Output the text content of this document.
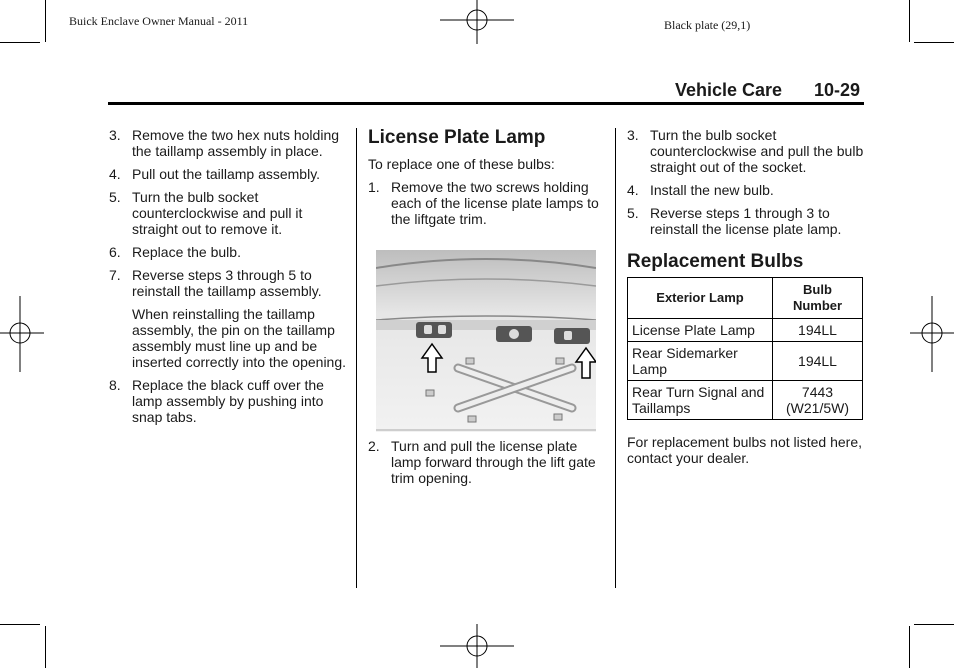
Buick Enclave Owner Manual - 2011	Black plate (29,1)
Vehicle Care 10-29
3. Remove the two hex nuts holding the taillamp assembly in place.
4. Pull out the taillamp assembly.
5. Turn the bulb socket counterclockwise and pull it straight out to remove it.
6. Replace the bulb.
7. Reverse steps 3 through 5 to reinstall the taillamp assembly.
When reinstalling the taillamp assembly, the pin on the taillamp assembly must line up and be inserted correctly into the opening.
8. Replace the black cuff over the lamp assembly by pushing into snap tabs.
License Plate Lamp
To replace one of these bulbs:
1. Remove the two screws holding each of the license plate lamps to the liftgate trim.
2. Turn and pull the license plate lamp forward through the lift gate trim opening.
3. Turn the bulb socket counterclockwise and pull the bulb straight out of the socket.
4. Install the new bulb.
5. Reverse steps 1 through 3 to reinstall the license plate lamp.
Replacement Bulbs
Exterior Lamp	Bulb Number
License Plate Lamp	194LL
Rear Sidemarker Lamp	194LL
Rear Turn Signal and Taillamps	7443 (W21/5W)
For replacement bulbs not listed here, contact your dealer.
